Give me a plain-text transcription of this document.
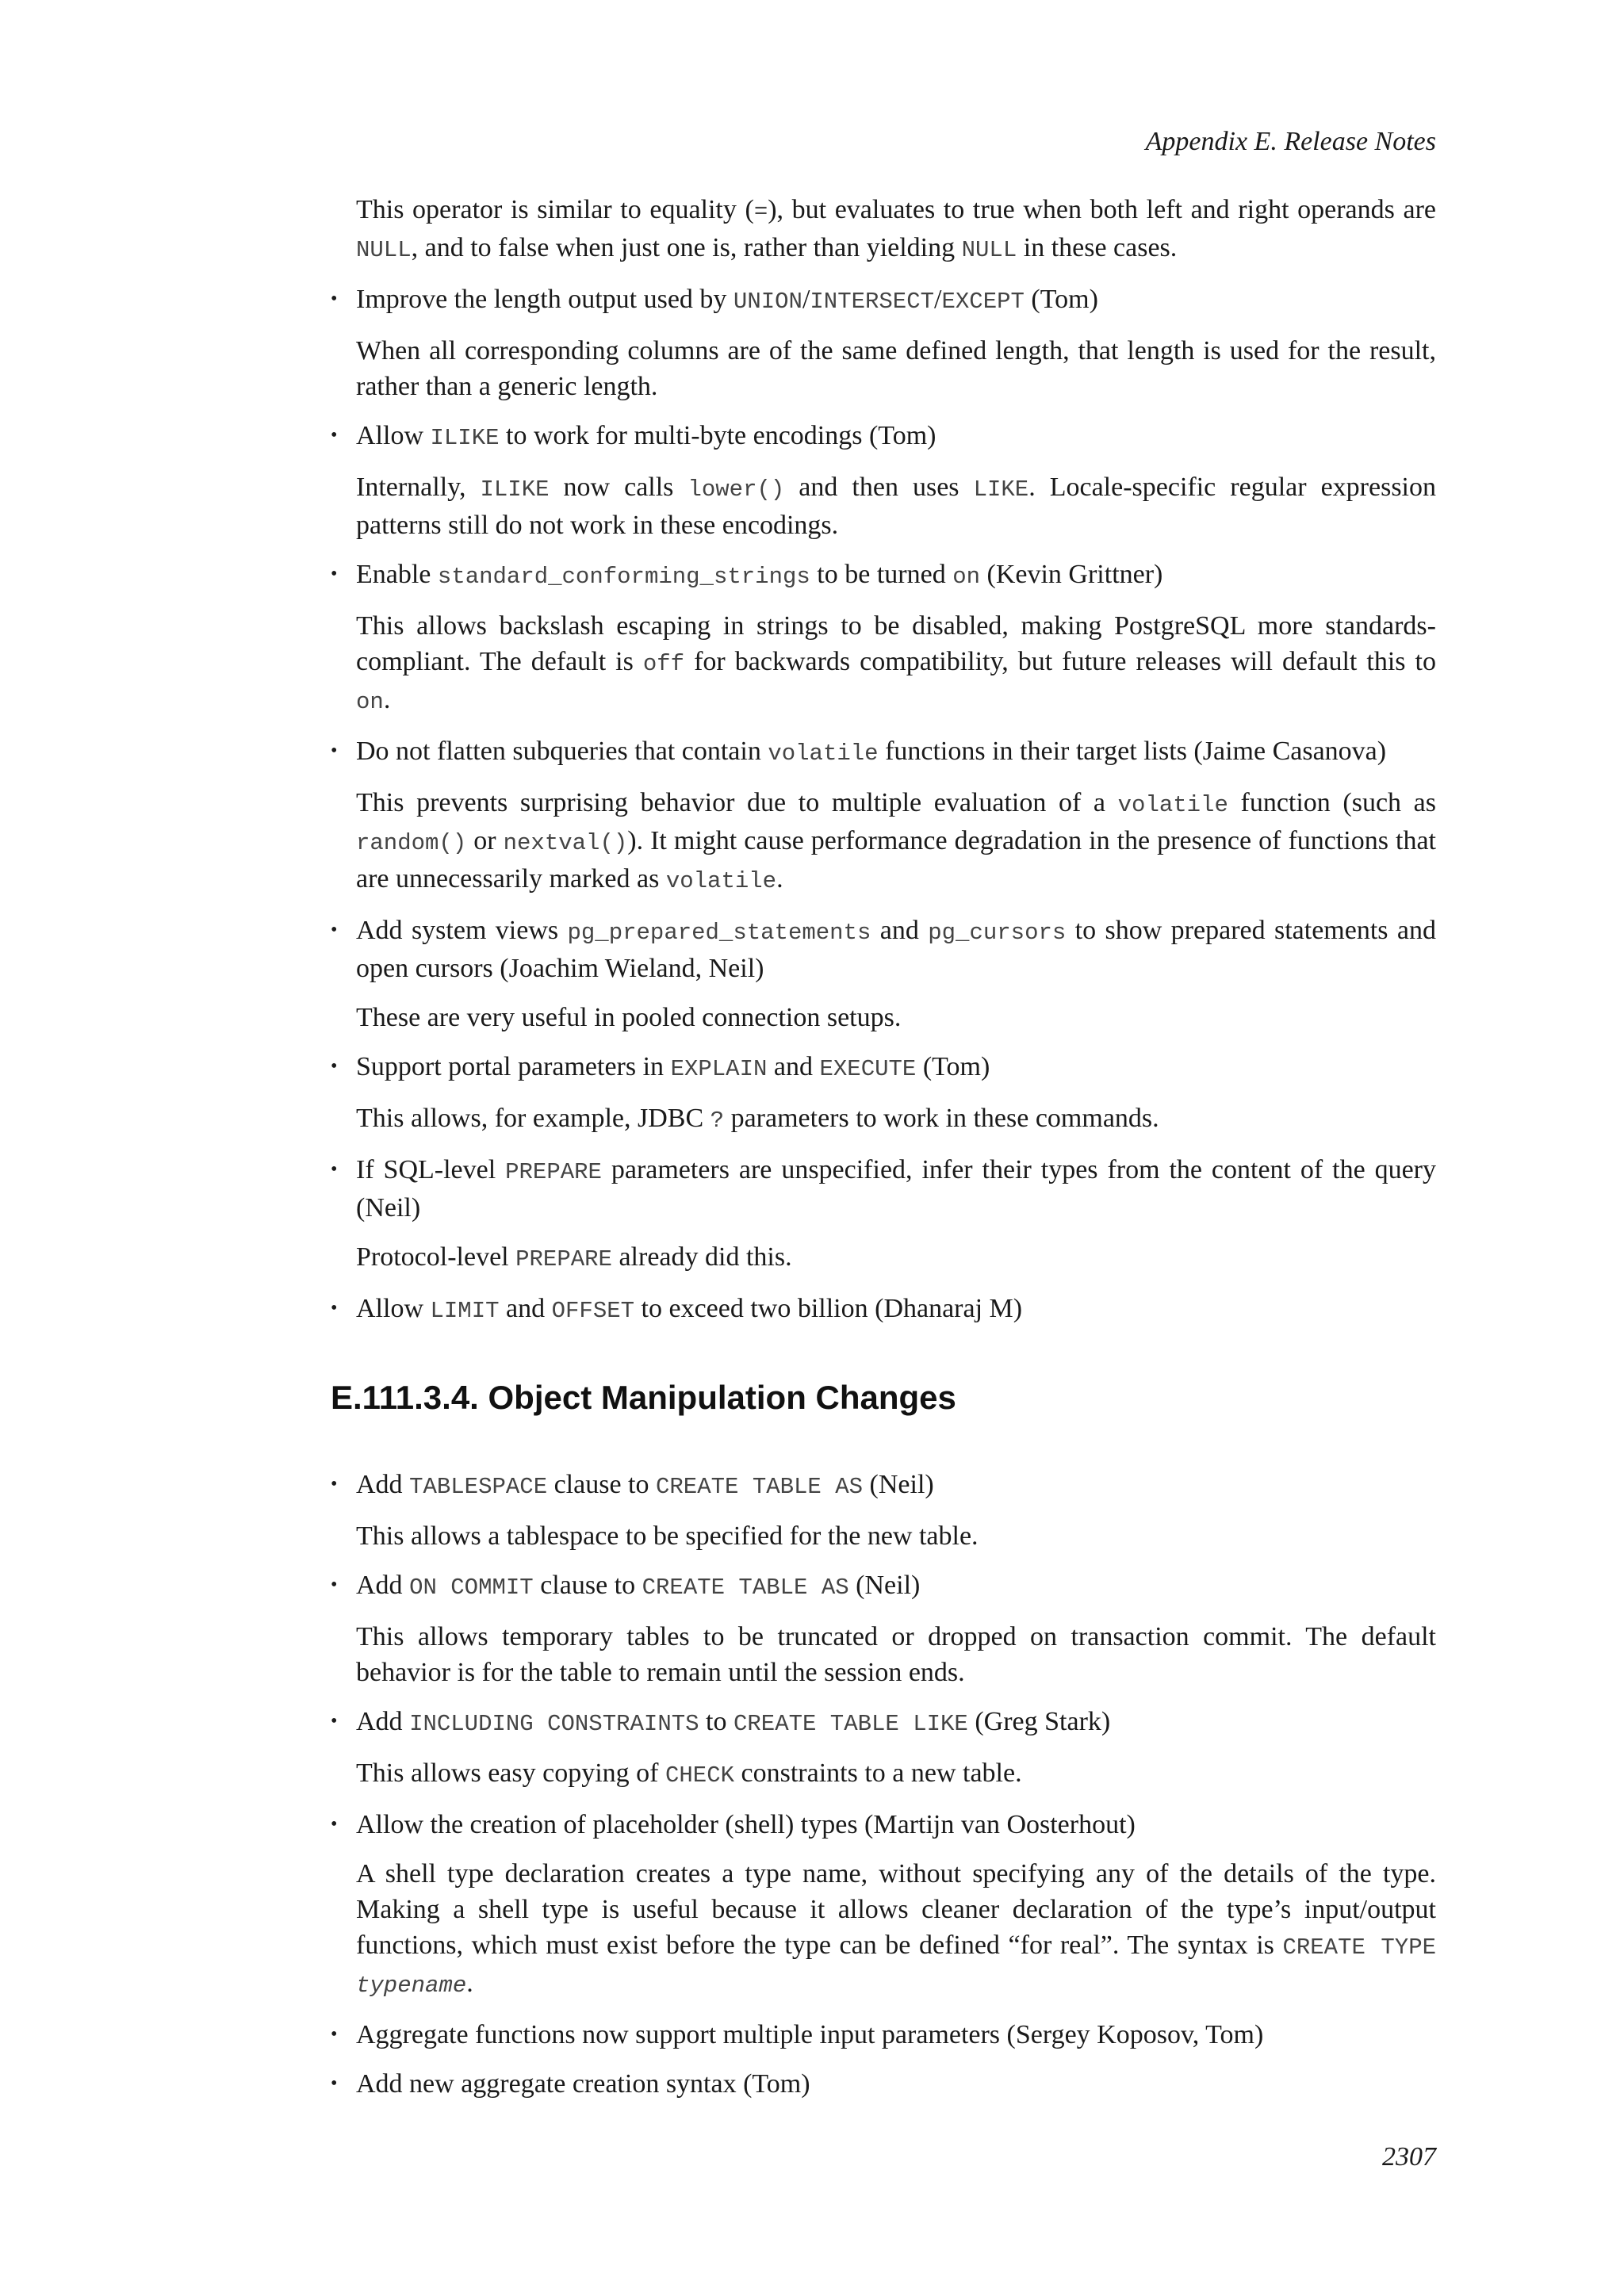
Appendix E. Release Notes

This operator is similar to equality (=), but evaluates to true when both left and right operands are NULL, and to false when just one is, rather than yielding NULL in these cases.

• Improve the length output used by UNION/INTERSECT/EXCEPT (Tom)

When all corresponding columns are of the same defined length, that length is used for the result, rather than a generic length.

• Allow ILIKE to work for multi-byte encodings (Tom)

Internally, ILIKE now calls lower() and then uses LIKE. Locale-specific regular expression patterns still do not work in these encodings.

• Enable standard_conforming_strings to be turned on (Kevin Grittner)

This allows backslash escaping in strings to be disabled, making PostgreSQL more standards-compliant. The default is off for backwards compatibility, but future releases will default this to on.

• Do not flatten subqueries that contain volatile functions in their target lists (Jaime Casanova)

This prevents surprising behavior due to multiple evaluation of a volatile function (such as random() or nextval()). It might cause performance degradation in the presence of functions that are unnecessarily marked as volatile.

• Add system views pg_prepared_statements and pg_cursors to show prepared statements and open cursors (Joachim Wieland, Neil)

These are very useful in pooled connection setups.

• Support portal parameters in EXPLAIN and EXECUTE (Tom)

This allows, for example, JDBC ? parameters to work in these commands.

• If SQL-level PREPARE parameters are unspecified, infer their types from the content of the query (Neil)

Protocol-level PREPARE already did this.

• Allow LIMIT and OFFSET to exceed two billion (Dhanaraj M)

E.111.3.4. Object Manipulation Changes
• Add TABLESPACE clause to CREATE TABLE AS (Neil)

This allows a tablespace to be specified for the new table.

• Add ON COMMIT clause to CREATE TABLE AS (Neil)

This allows temporary tables to be truncated or dropped on transaction commit. The default behavior is for the table to remain until the session ends.

• Add INCLUDING CONSTRAINTS to CREATE TABLE LIKE (Greg Stark)

This allows easy copying of CHECK constraints to a new table.

• Allow the creation of placeholder (shell) types (Martijn van Oosterhout)

A shell type declaration creates a type name, without specifying any of the details of the type. Making a shell type is useful because it allows cleaner declaration of the type’s input/output functions, which must exist before the type can be defined “for real”. The syntax is CREATE TYPE typename.

• Aggregate functions now support multiple input parameters (Sergey Koposov, Tom)

• Add new aggregate creation syntax (Tom)

2307
